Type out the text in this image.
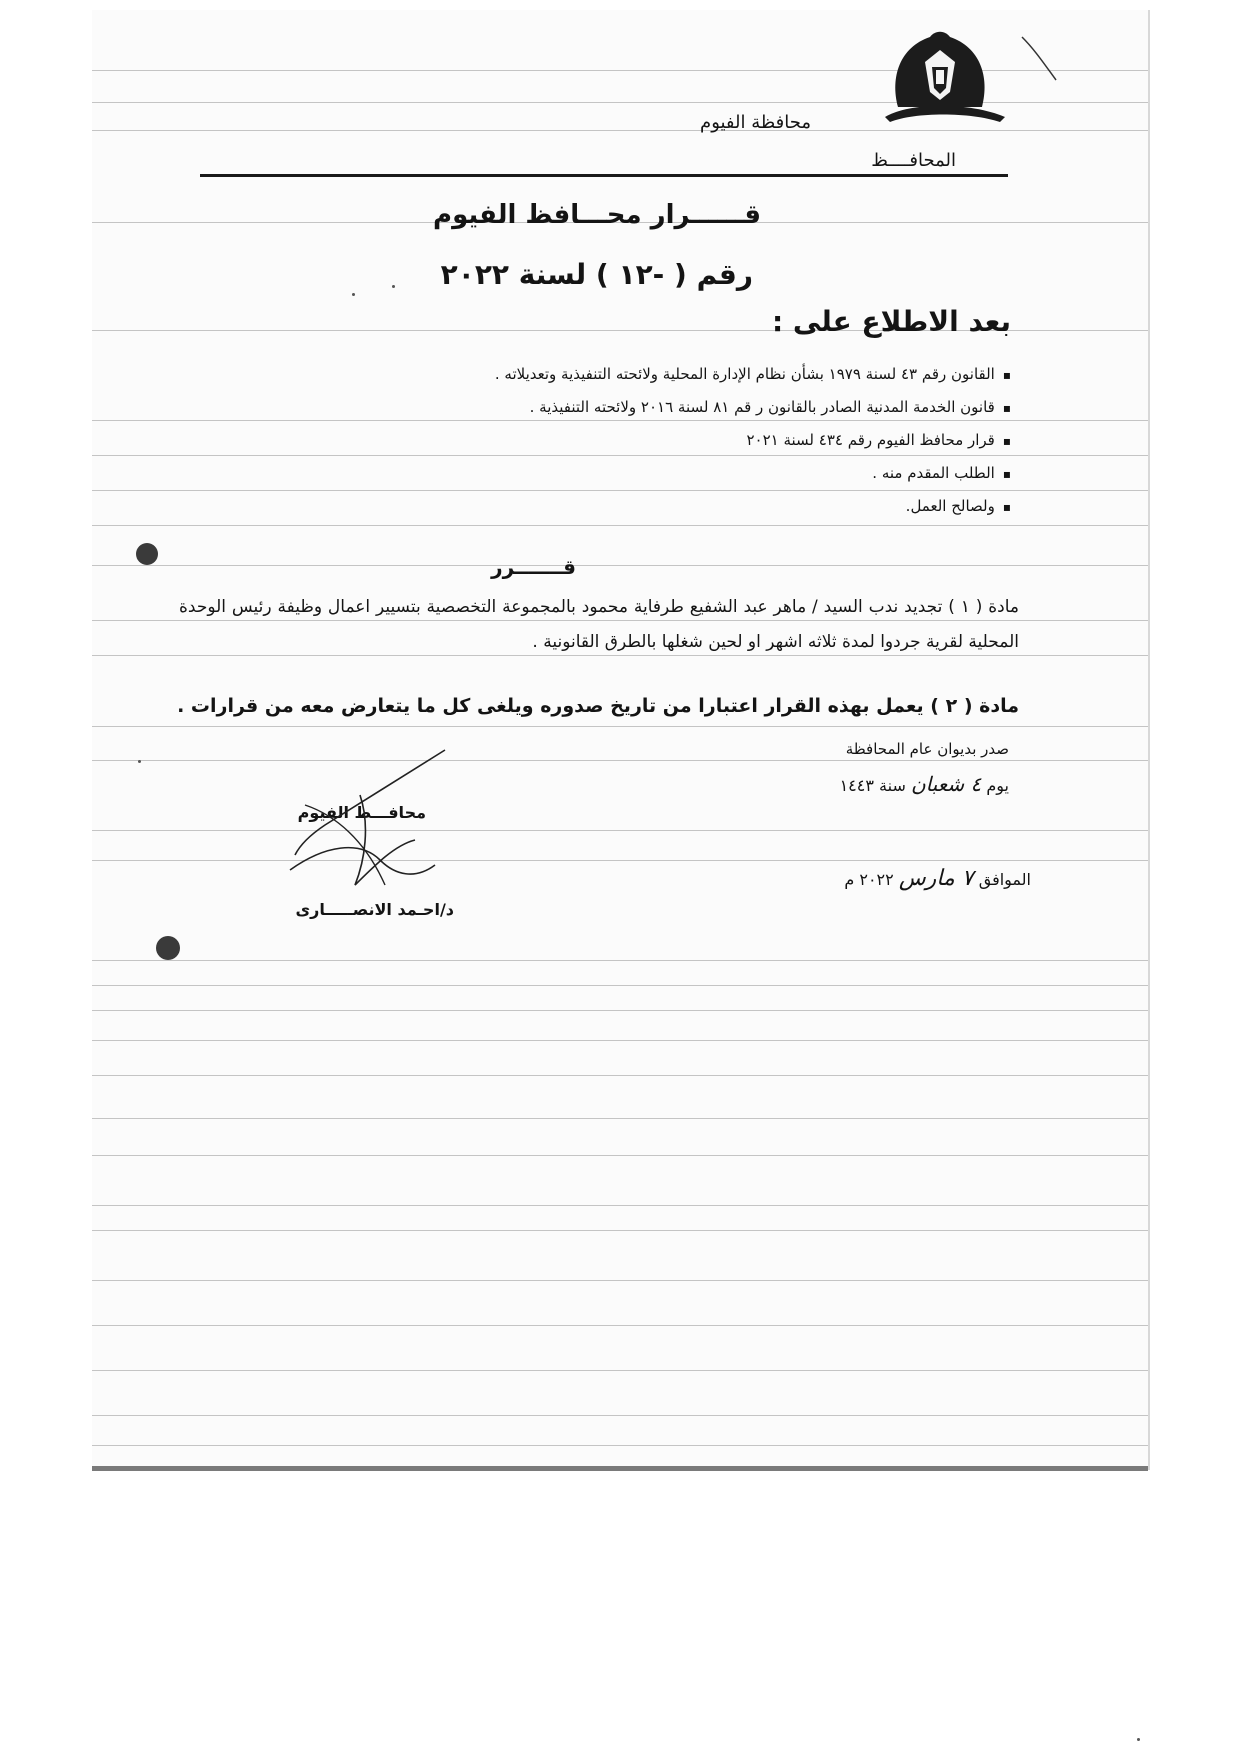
محافظة الفيوم
المحافــــظ
قــــــرار محـــافظ الفيوم
رقم ( -١٢ ) لسنة ٢٠٢٢
بعد الاطلاع على :
▪ القانون رقم ٤٣ لسنة ١٩٧٩ بشأن نظام الإدارة المحلية ولائحته التنفيذية وتعديلاته .
▪ قانون الخدمة المدنية الصادر بالقانون ر قم ٨١ لسنة ٢٠١٦ ولائحته التنفيذية .
▪ قرار محافظ الفيوم رقم ٤٣٤ لسنة ٢٠٢١
▪ الطلب المقدم منه .
▪ ولصالح العمل.
قـــــــرر
مادة ( ١ ) تجديد ندب السيد / ماهر عبد الشفيع طرفاية محمود بالمجموعة التخصصية بتسيير اعمال وظيفة رئيس الوحدة المحلية لقرية جردوا لمدة ثلاثه اشهر او لحين شغلها بالطرق القانونية .
مادة ( ٢ ) يعمل بهذه القرار اعتبارا من تاريخ صدوره ويلغى كل ما يتعارض معه من قرارات .
صدر بديوان عام المحافظة
يوم ٤ شعبان سنة ١٤٤٣
الموافق ٧ مارس ٢٠٢٢ م
محافـــظ الفيوم
د/احـمد الانصـــــارى
